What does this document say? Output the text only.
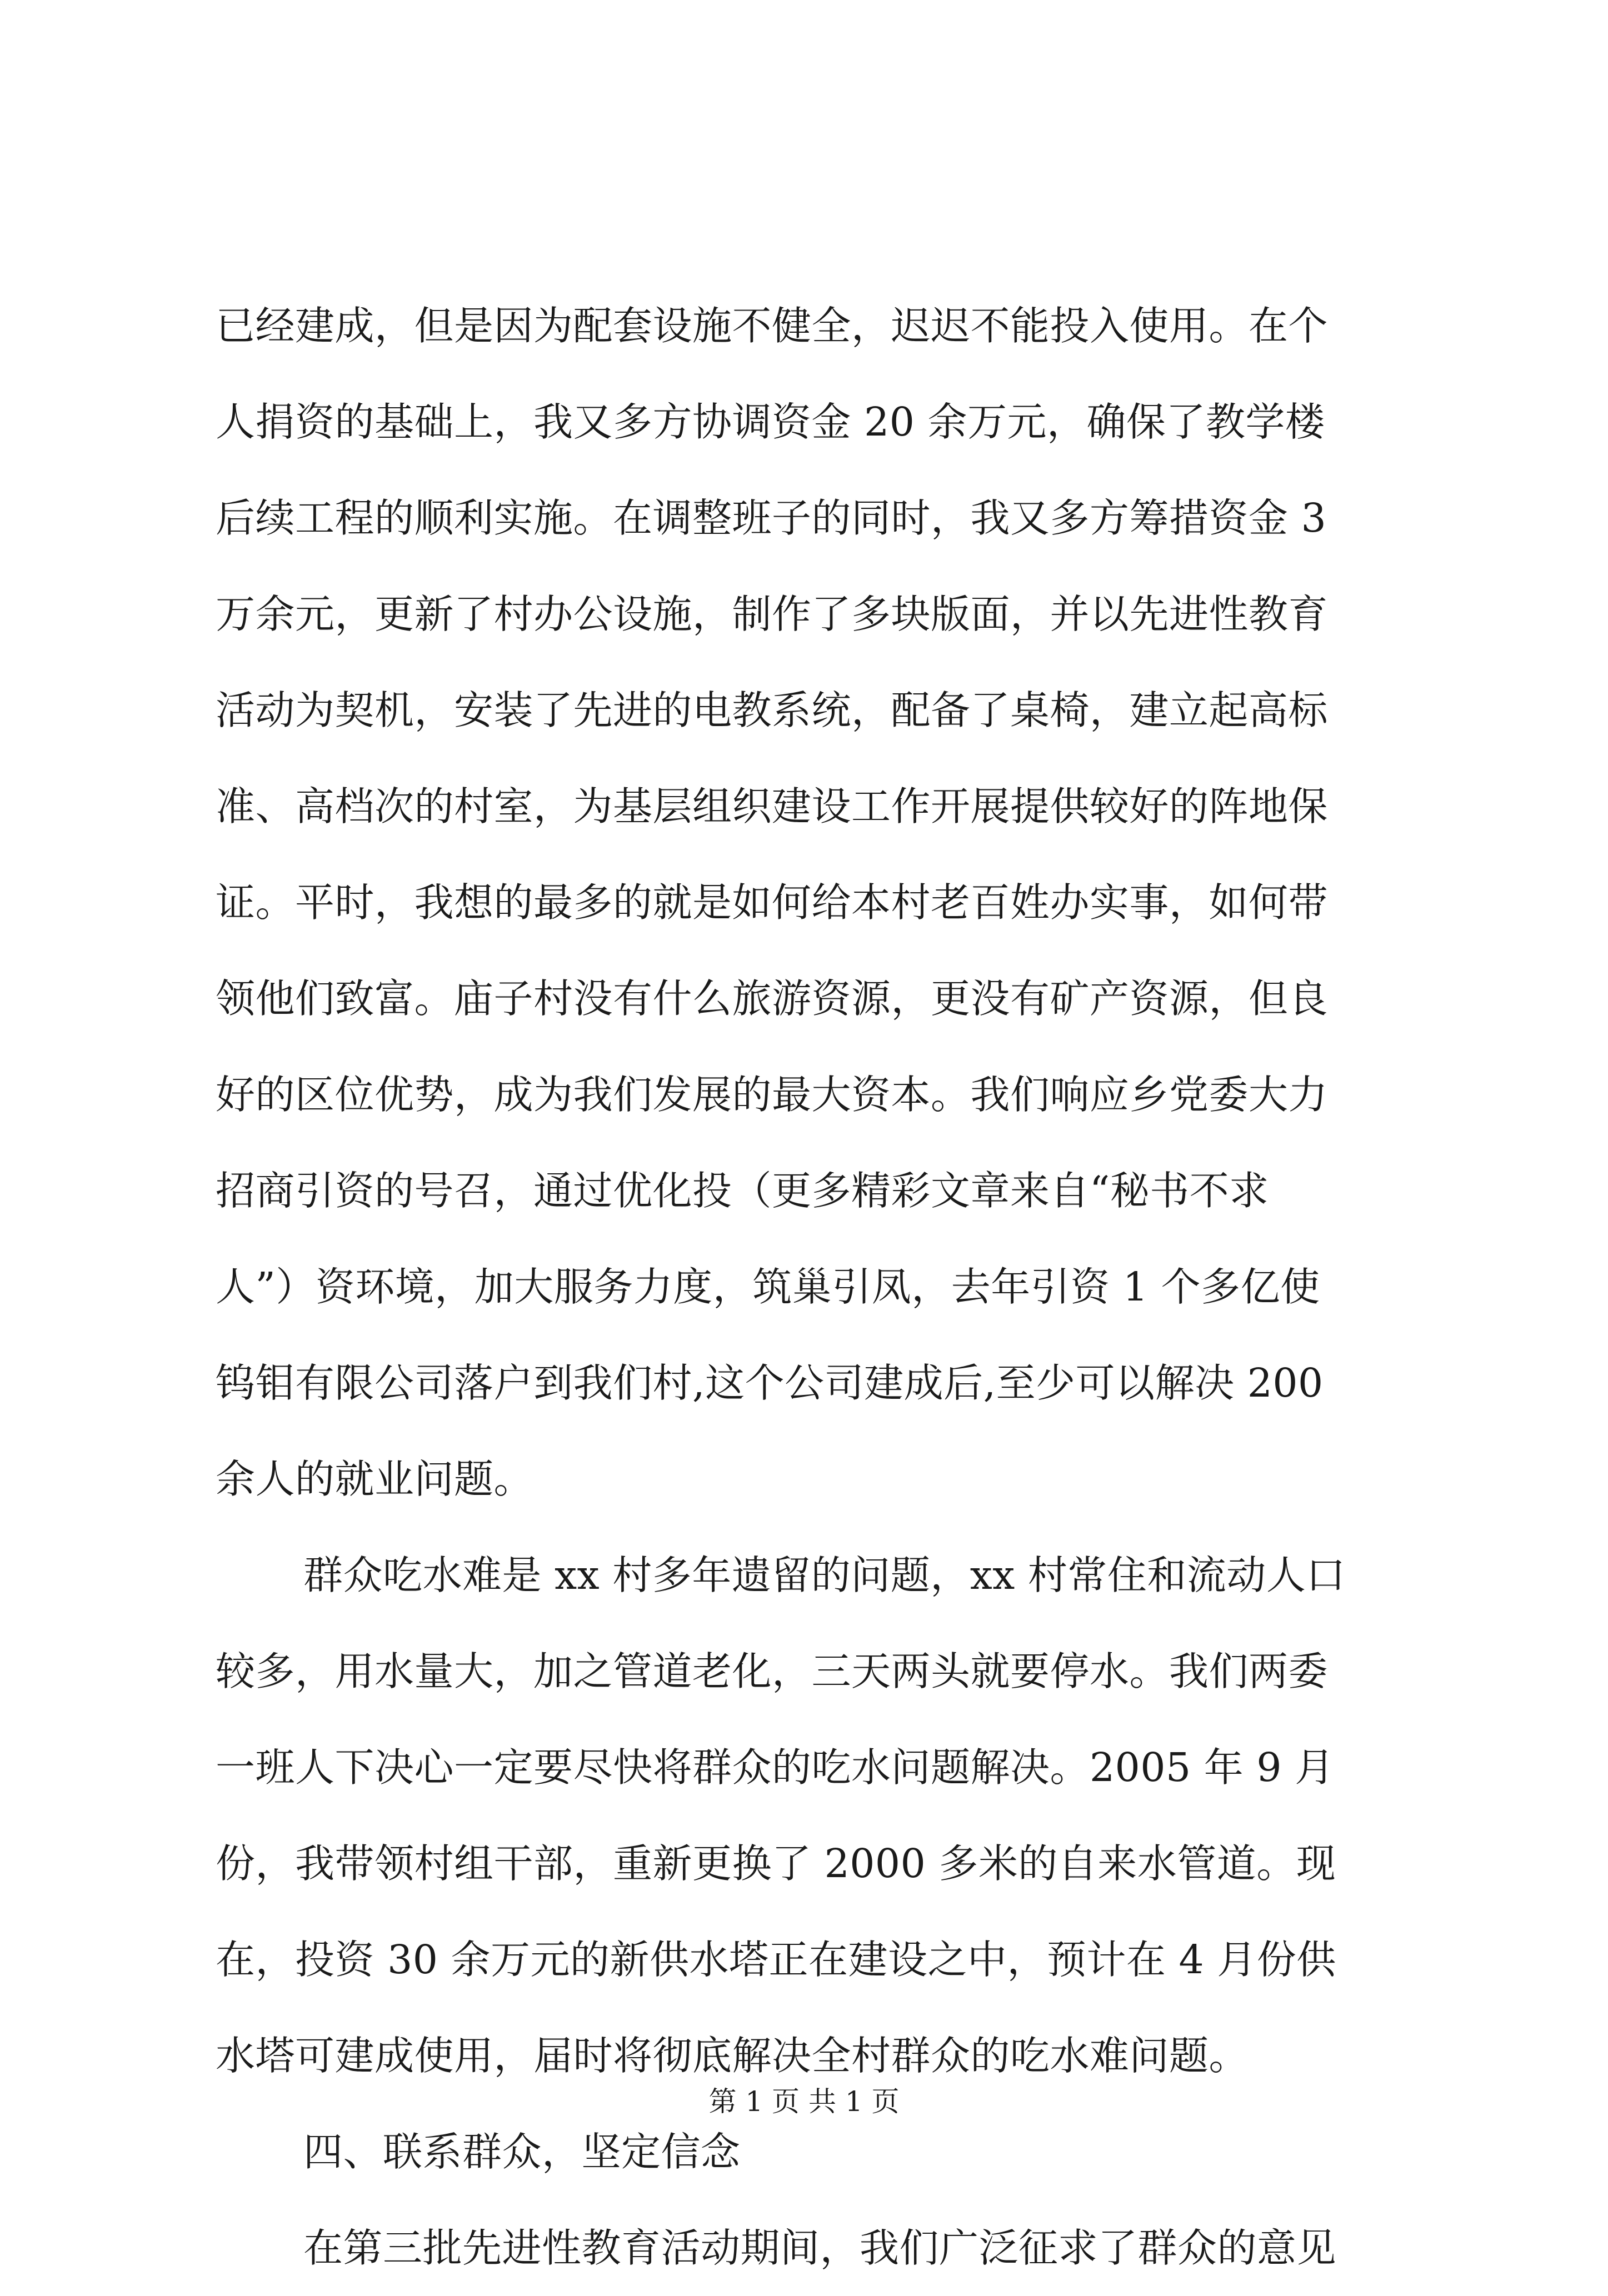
已经建成，但是因为配套设施不健全，迟迟不能投入使用。在个
人捐资的基础上，我又多方协调资金 20 余万元，确保了教学楼
后续工程的顺利实施。在调整班子的同时，我又多方筹措资金 3
万余元，更新了村办公设施，制作了多块版面，并以先进性教育
活动为契机，安装了先进的电教系统，配备了桌椅，建立起高标
准、高档次的村室，为基层组织建设工作开展提供较好的阵地保
证。平时，我想的最多的就是如何给本村老百姓办实事，如何带
领他们致富。庙子村没有什么旅游资源，更没有矿产资源，但良
好的区位优势，成为我们发展的最大资本。我们响应乡党委大力
招商引资的号召，通过优化投（更多精彩文章来自“秘书不求
人”）资环境，加大服务力度，筑巢引凤，去年引资 1 个多亿使
钨钼有限公司落户到我们村,这个公司建成后,至少可以解决 200
余人的就业问题。
群众吃水难是 xx 村多年遗留的问题，xx 村常住和流动人口
较多，用水量大，加之管道老化，三天两头就要停水。我们两委
一班人下决心一定要尽快将群众的吃水问题解决。2005 年 9 月
份，我带领村组干部，重新更换了 2000 多米的自来水管道。现
在，投资 30 余万元的新供水塔正在建设之中，预计在 4 月份供
水塔可建成使用，届时将彻底解决全村群众的吃水难问题。
四、联系群众，坚定信念
在第三批先进性教育活动期间，我们广泛征求了群众的意见
第 1 页 共 1 页
